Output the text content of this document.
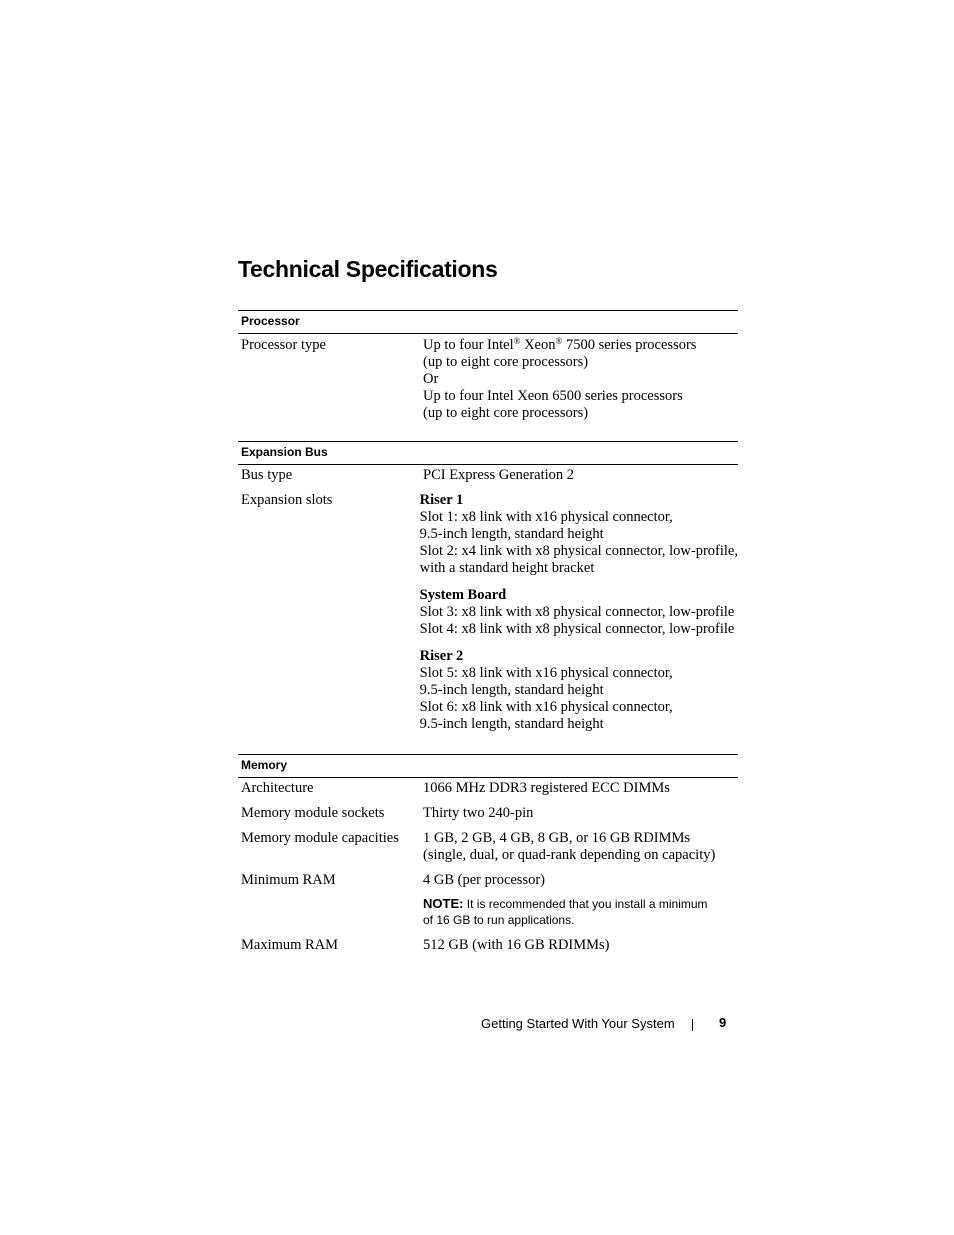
Technical Specifications
Processor
Processor type	Up to four Intel® Xeon® 7500 series processors
(up to eight core processors)
Or
Up to four Intel Xeon 6500 series processors
(up to eight core processors)
Expansion Bus
Bus type	PCI Express Generation 2
Expansion slots	Riser 1
Slot 1: x8 link with x16 physical connector,
9.5-inch length, standard height
Slot 2: x4 link with x8 physical connector, low-profile,
with a standard height bracket
System Board
Slot 3: x8 link with x8 physical connector, low-profile
Slot 4: x8 link with x8 physical connector, low-profile
Riser 2
Slot 5: x8 link with x16 physical connector,
9.5-inch length, standard height
Slot 6: x8 link with x16 physical connector,
9.5-inch length, standard height
Memory
Architecture	1066 MHz DDR3 registered ECC DIMMs
Memory module sockets	Thirty two 240-pin
Memory module capacities	1 GB, 2 GB, 4 GB, 8 GB, or 16 GB RDIMMs
(single, dual, or quad-rank depending on capacity)
Minimum RAM	4 GB (per processor)
NOTE: It is recommended that you install a minimum
of 16 GB to run applications.
Maximum RAM	512 GB (with 16 GB RDIMMs)
Getting Started With Your System	9
